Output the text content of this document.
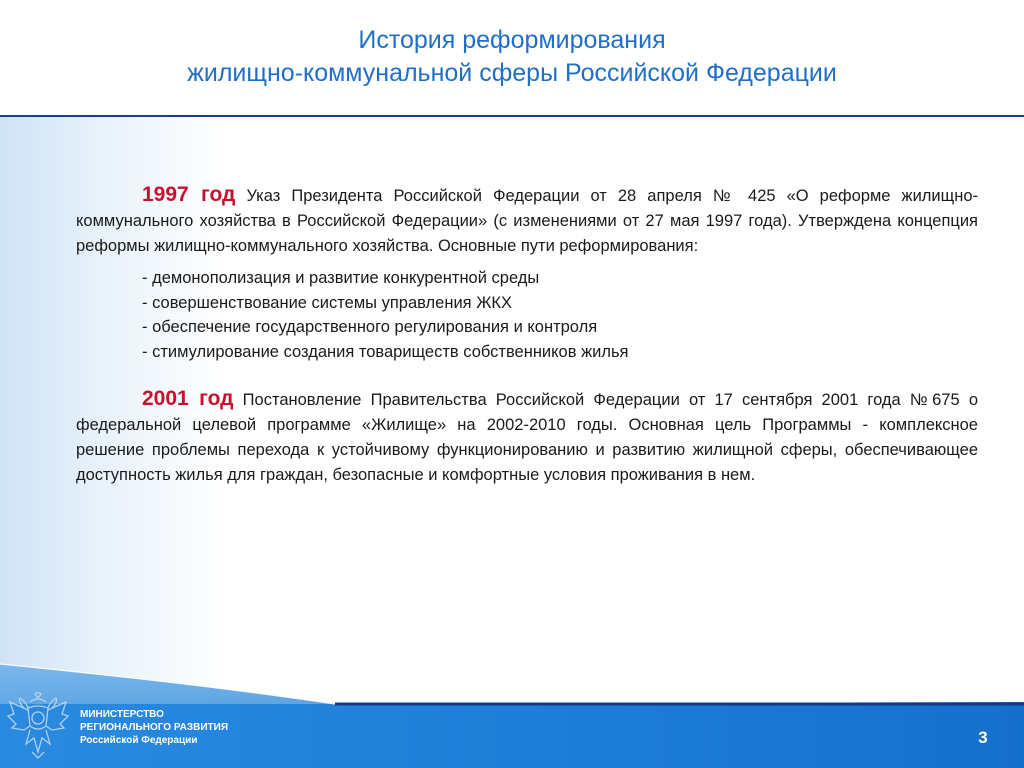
История реформирования
жилищно-коммунальной сферы Российской Федерации

1997 год Указ Президента Российской Федерации от 28 апреля № 425 «О реформе жилищно-коммунального хозяйства в Российской Федерации» (с изменениями от 27 мая 1997 года). Утверждена концепция реформы жилищно-коммунального хозяйства. Основные пути реформирования:

- демонополизация и развитие конкурентной среды
- совершенствование системы управления ЖКХ
- обеспечение государственного регулирования и контроля
- стимулирование создания товариществ собственников жилья

2001 год Постановление Правительства Российской Федерации от 17 сентября 2001 года №675 о федеральной целевой программе «Жилище» на 2002-2010 годы. Основная цель Программы - комплексное решение проблемы перехода к устойчивому функционированию и развитию жилищной сферы, обеспечивающее доступность жилья для граждан, безопасные и комфортные условия проживания в нем.

МИНИСТЕРСТВО
РЕГИОНАЛЬНОГО РАЗВИТИЯ
Российской Федерации	3
